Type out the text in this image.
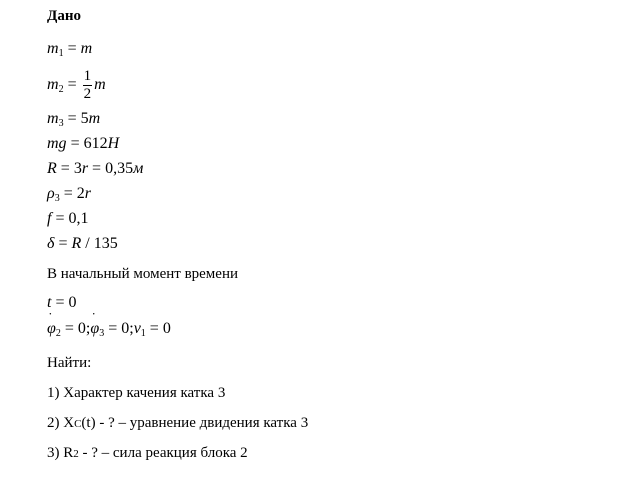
Дано
$m_1 = m$
$m_2 = \frac{1}{2}$ m
$m_3 = 5m$
mg = 612H
R = 3r = 0,35м
$\rho_3 = 2r$
f = 0,1
δ = R / 135
В начальный момент времени
t = 0
˙ $\varphi_2$ = 0;˙ $\varphi_3$ = $0;v_1 = 0$
Найти:
1) Характер качения катка 3
2) XC(t) - ? – уравнение двидения катка 3
3) R2 - ? – сила реакция блока 2
